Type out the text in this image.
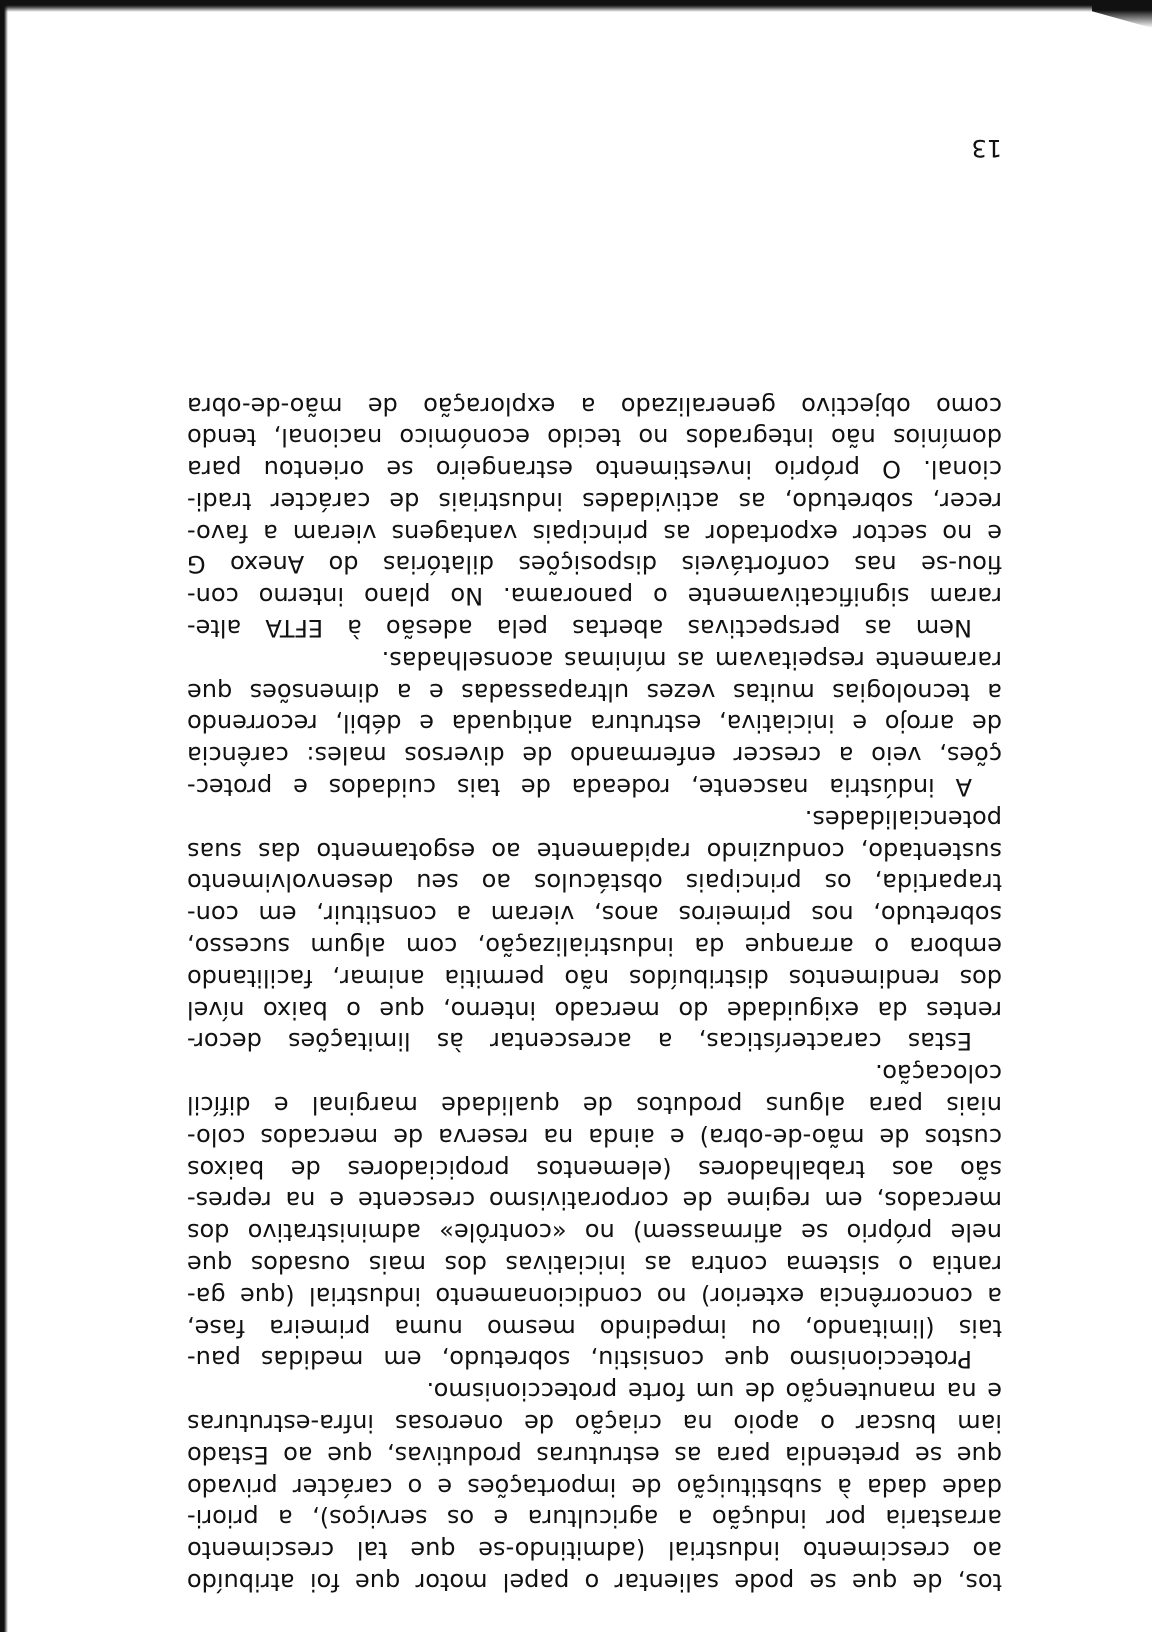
tos, de que se pode salientar o papel motor que foi atribuído
ao crescimento industrial (admitindo-se que tal crescimento
arrastaria por indução a agricultura e os serviços), a priori-
dade dada à substituição de importações e o carácter privado
que se pretendia para as estruturas produtivas, que ao Estado
iam buscar o apoio na criação de onerosas infra-estruturas
e na manutenção de um forte proteccionismo.
Proteccionismo que consistiu, sobretudo, em medidas pau-
tais (limitando, ou impedindo mesmo numa primeira fase,
a concorrência exterior) no condicionamento industrial (que ga-
rantia o sistema contra as iniciativas dos mais ousados que
nele próprio se afirmassem) no «contrôle» administrativo dos
mercados, em regime de corporativismo crescente e na repres-
são aos trabalhadores (elementos propiciadores de baixos
custos de mão-de-obra) e ainda na reserva de mercados colo-
niais para alguns produtos de qualidade marginal e difícil
colocação.
Estas características, a acrescentar às limitações decor-
rentes da exiguidade do mercado interno, que o baixo nível
dos rendimentos distribuídos não permitia animar, facilitando
embora o arranque da industrialização, com algum sucesso,
sobretudo, nos primeiros anos, vieram a constituir, em con-
trapartida, os principais obstáculos ao seu desenvolvimento
sustentado, conduzindo rapidamente ao esgotamento das suas
potencialidades.
A indústria nascente, rodeada de tais cuidados e protec-
ções, veio a crescer enfermando de diversos males: carência
de arrojo e iniciativa, estrutura antiquada e débil, recorrendo
a tecnologias muitas vezes ultrapassadas e a dimensões que
raramente respeitavam as mínimas aconselhadas.
Nem as perspectivas abertas pela adesão à EFTA alte-
raram significativamente o panorama. No plano interno con-
fiou-se nas confortáveis disposições dilatórias do Anexo G
e no sector exportador as principais vantagens vieram a favo-
recer, sobretudo, as actividades industriais de carácter tradi-
cional. O próprio investimento estrangeiro se orientou para
domínios não integrados no tecido económico nacional, tendo
como objectivo generalizado a exploração de mão-de-obra
13
